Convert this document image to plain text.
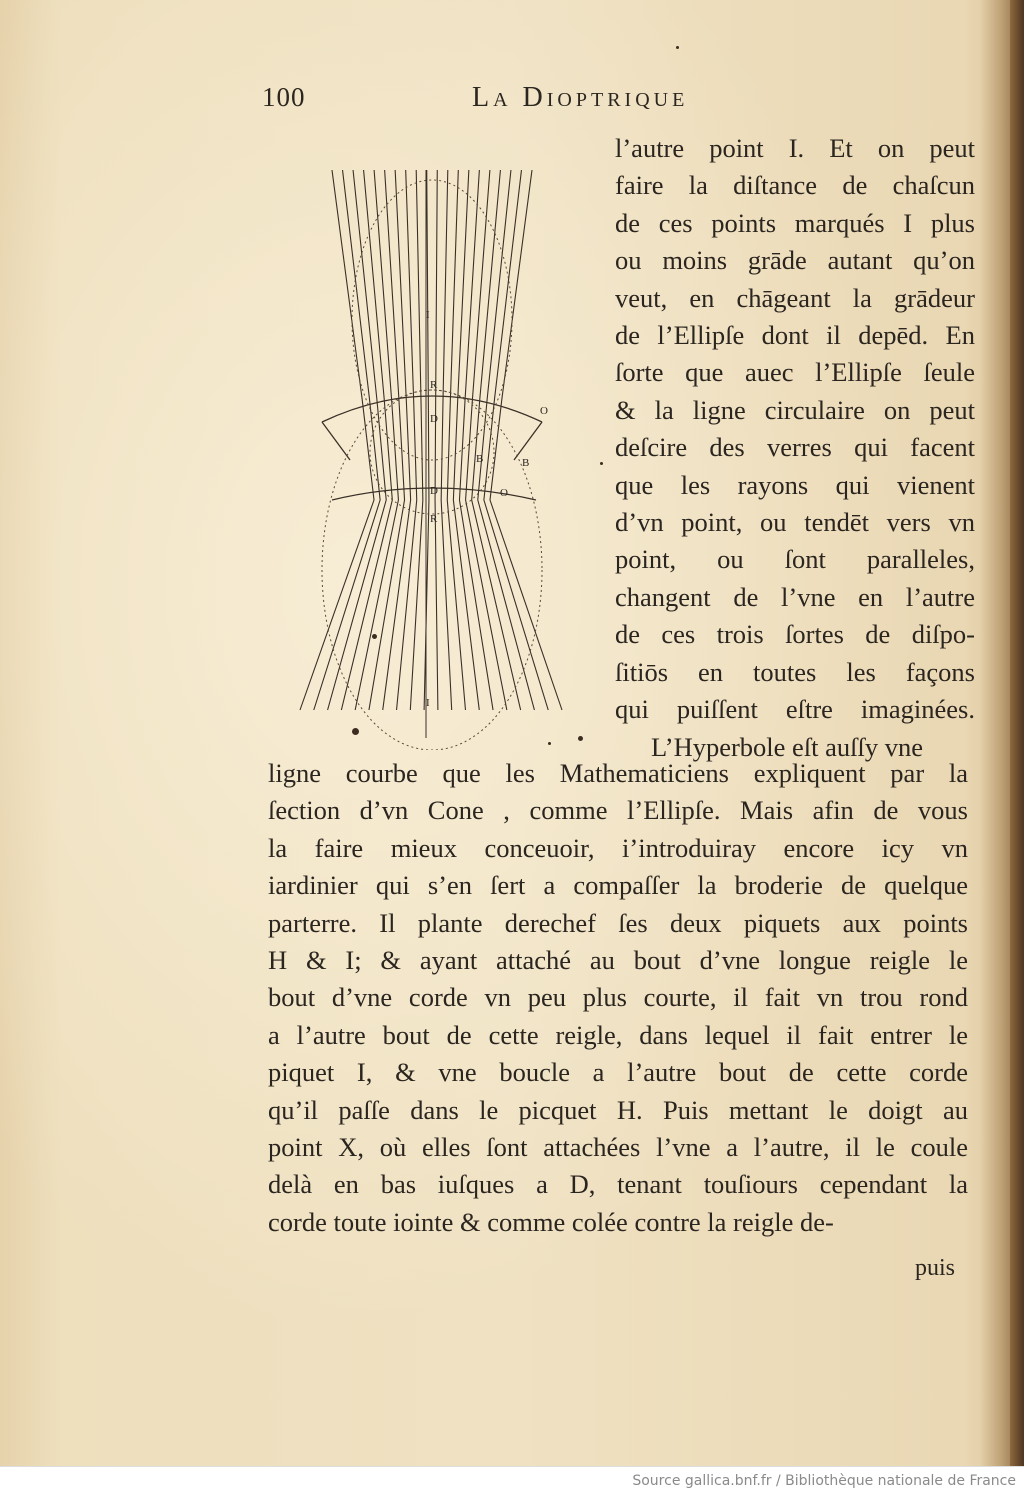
100	La Dioptrique
I
R
D
B	B
D
R
O
O
I
l’autre point I. Et on peut
faire la diſtance de chaſcun
de ces points marqués I plus
ou moins grāde autant qu’on
veut, en chāgeant la grādeur
de l’Ellipſe dont il depēd. En
ſorte que auec l’Ellipſe ſeule
& la ligne circulaire on peut
deſcire des verres qui facent
que les rayons qui vienent
d’vn point, ou tendēt vers vn
point, ou ſont paralleles,
changent de l’vne en l’autre
de ces trois ſortes de diſpo-
ſitiōs en toutes les façons
qui puiſſent eſtre imaginées.
L’Hyperbole eſt auſſy vne
ligne courbe que les Mathematiciens expliquent par la
ſection d’vn Cone , comme l’Ellipſe. Mais afin de vous
la faire mieux conceuoir, i’introduiray encore icy vn
iardinier qui s’en ſert a compaſſer la broderie de quelque
parterre. Il plante derechef ſes deux piquets aux points
H & I; & ayant attaché au bout d’vne longue reigle le
bout d’vne corde vn peu plus courte, il fait vn trou rond
a l’autre bout de cette reigle, dans lequel il fait entrer le
piquet I, & vne boucle a l’autre bout de cette corde
qu’il paſſe dans le picquet H. Puis mettant le doigt au
point X, où elles ſont attachées l’vne a l’autre, il le coule
delà en bas iuſques a D, tenant touſiours cependant la
corde toute iointe & comme colée contre la reigle de-
puis
Source gallica.bnf.fr / Bibliothèque nationale de France
